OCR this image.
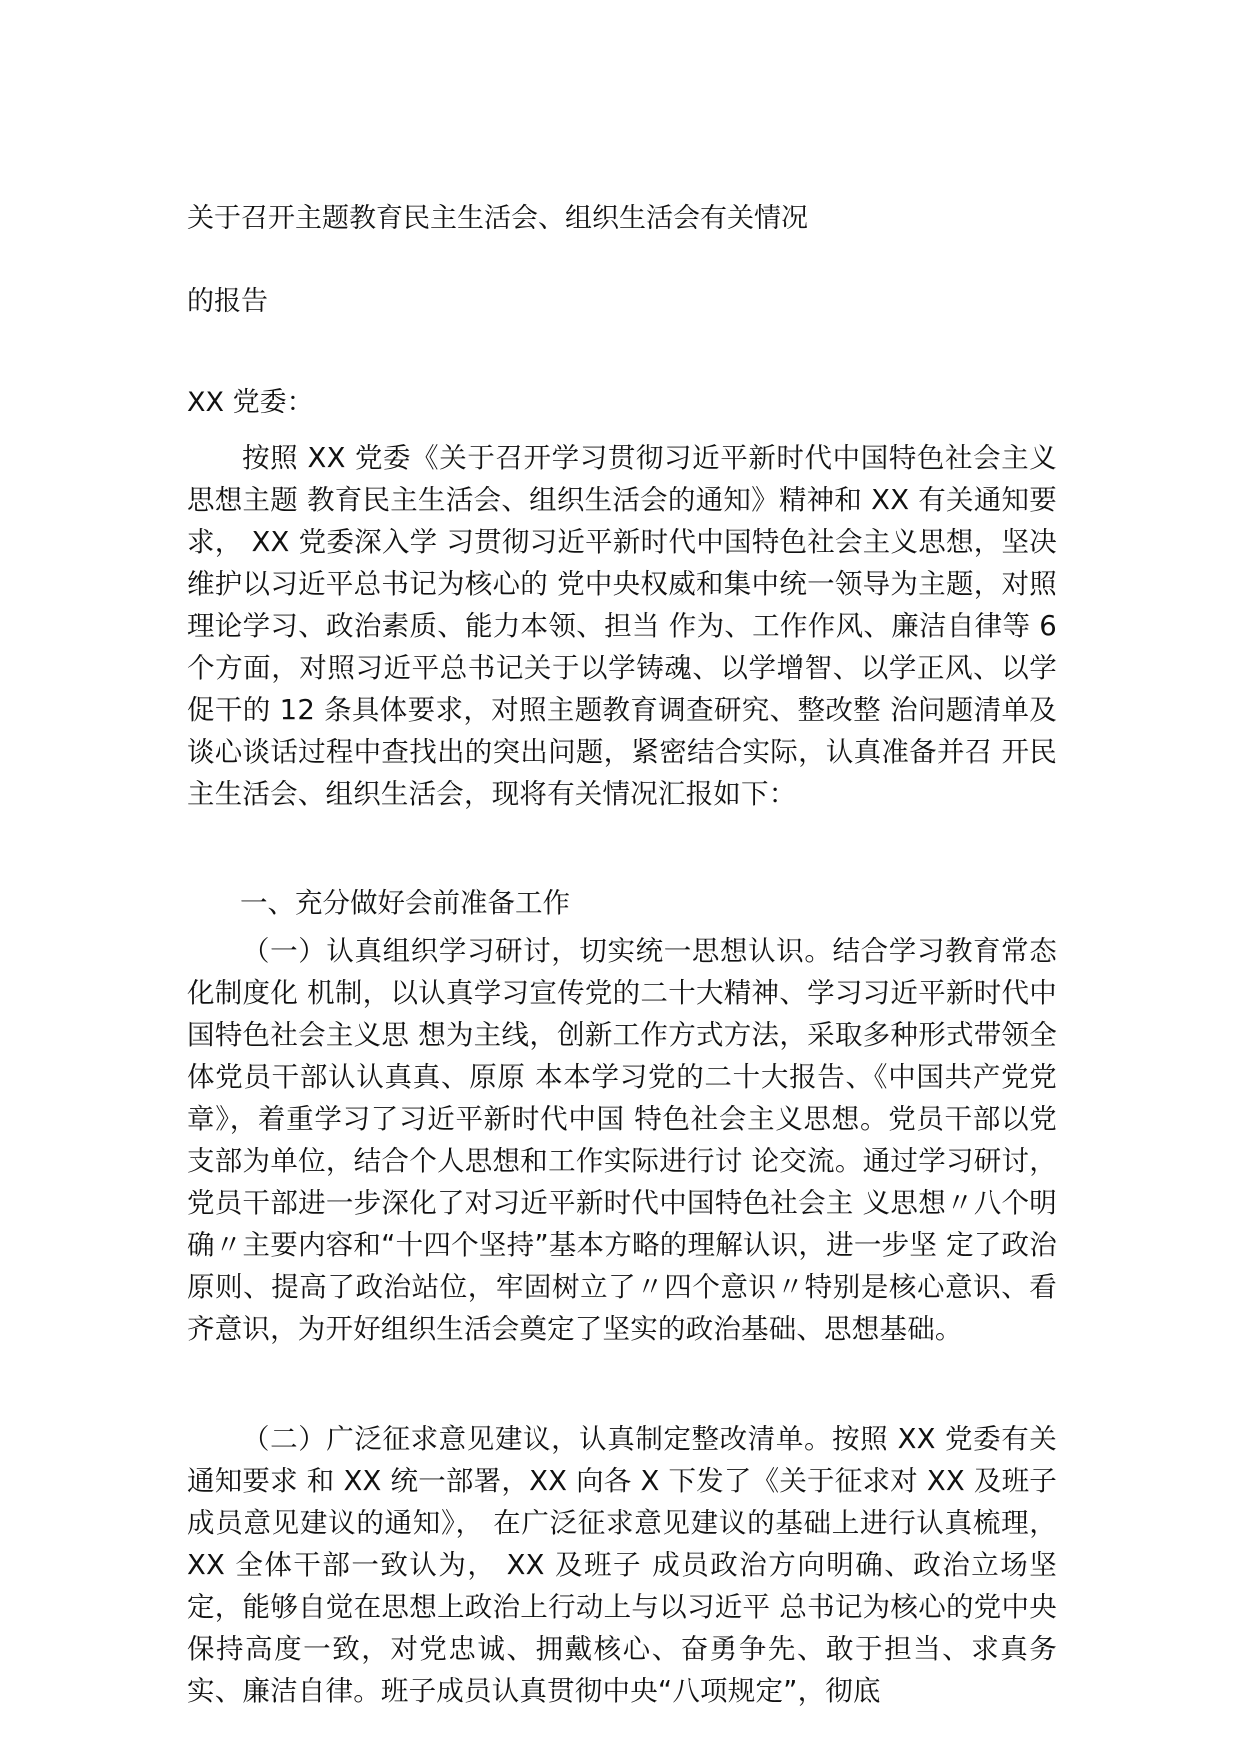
关于召开主题教育民主生活会、组织生活会有关情况
的报告
XX 党委：

按照 XX 党委《关于召开学习贯彻习近平新时代中国特色社会主义思想主题 教育民主生活会、组织生活会的通知》精神和 XX 有关通知要求， XX 党委深入学 习贯彻习近平新时代中国特色社会主义思想，坚决维护以习近平总书记为核心的 党中央权威和集中统一领导为主题，对照理论学习、政治素质、能力本领、担当 作为、工作作风、廉洁自律等 6 个方面，对照习近平总书记关于以学铸魂、以学增智、以学正风、以学促干的 12 条具体要求，对照主题教育调查研究、整改整 治问题清单及谈心谈话过程中查找出的突出问题，紧密结合实际，认真准备并召 开民主生活会、组织生活会，现将有关情况汇报如下：

一、充分做好会前准备工作

（一）认真组织学习研讨，切实统一思想认识。结合学习教育常态化制度化 机制，以认真学习宣传党的二十大精神、学习习近平新时代中国特色社会主义思 想为主线，创新工作方式方法，采取多种形式带领全体党员干部认认真真、原原 本本学习党的二十大报告、《中国共产党党章》，着重学习了习近平新时代中国 特色社会主义思想。党员干部以党支部为单位，结合个人思想和工作实际进行讨 论交流。通过学习研讨，党员干部进一步深化了对习近平新时代中国特色社会主 义思想〃八个明确〃主要内容和“十四个坚持”基本方略的理解认识，进一步坚 定了政治原则、提高了政治站位，牢固树立了〃四个意识〃特别是核心意识、看 齐意识，为开好组织生活会奠定了坚实的政治基础、思想基础。

（二）广泛征求意见建议，认真制定整改清单。按照 XX 党委有关通知要求 和 XX 统一部署，XX 向各 X 下发了《关于征求对 XX 及班子成员意见建议的通知》， 在广泛征求意见建议的基础上进行认真梳理， XX 全体干部一致认为， XX 及班子 成员政治方向明确、政治立场坚定，能够自觉在思想上政治上行动上与以习近平 总书记为核心的党中央保持高度一致，对党忠诚、拥戴核心、奋勇争先、敢于担当、求真务实、廉洁自律。班子成员认真贯彻中央“八项规定”，彻底
